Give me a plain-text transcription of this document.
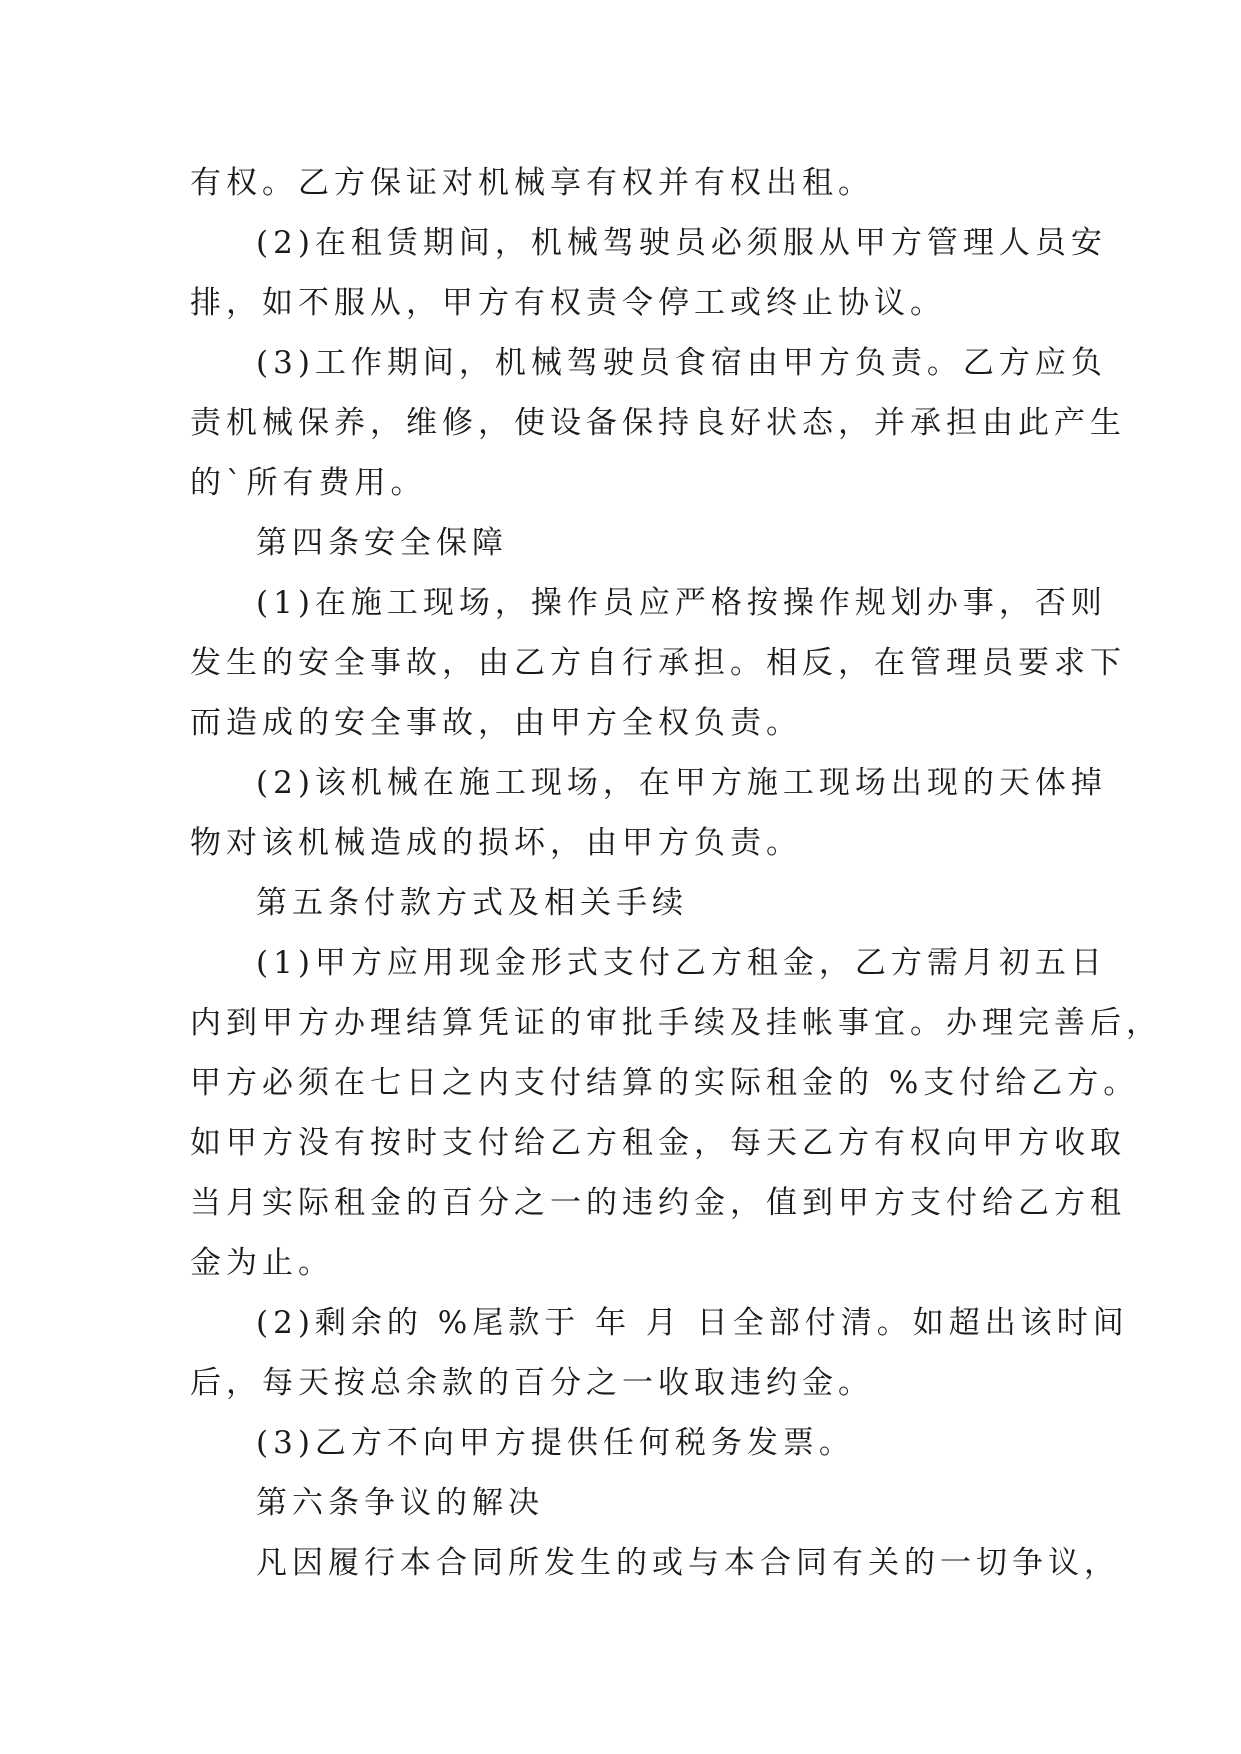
有权。乙方保证对机械享有权并有权出租。

(2)在租赁期间，机械驾驶员必须服从甲方管理人员安

排，如不服从，甲方有权责令停工或终止协议。

(3)工作期间，机械驾驶员食宿由甲方负责。乙方应负

责机械保养，维修，使设备保持良好状态，并承担由此产生

的`所有费用。

第四条安全保障

(1)在施工现场，操作员应严格按操作规划办事，否则

发生的安全事故，由乙方自行承担。相反，在管理员要求下

而造成的安全事故，由甲方全权负责。

(2)该机械在施工现场，在甲方施工现场出现的天体掉

物对该机械造成的损坏，由甲方负责。

第五条付款方式及相关手续

(1)甲方应用现金形式支付乙方租金，乙方需月初五日

内到甲方办理结算凭证的审批手续及挂帐事宜。办理完善后，

甲方必须在七日之内支付结算的实际租金的 %支付给乙方。

如甲方没有按时支付给乙方租金，每天乙方有权向甲方收取

当月实际租金的百分之一的违约金，值到甲方支付给乙方租

金为止。

(2)剩余的 %尾款于 年 月 日全部付清。如超出该时间

后，每天按总余款的百分之一收取违约金。

(3)乙方不向甲方提供任何税务发票。

第六条争议的解决

凡因履行本合同所发生的或与本合同有关的一切争议，
